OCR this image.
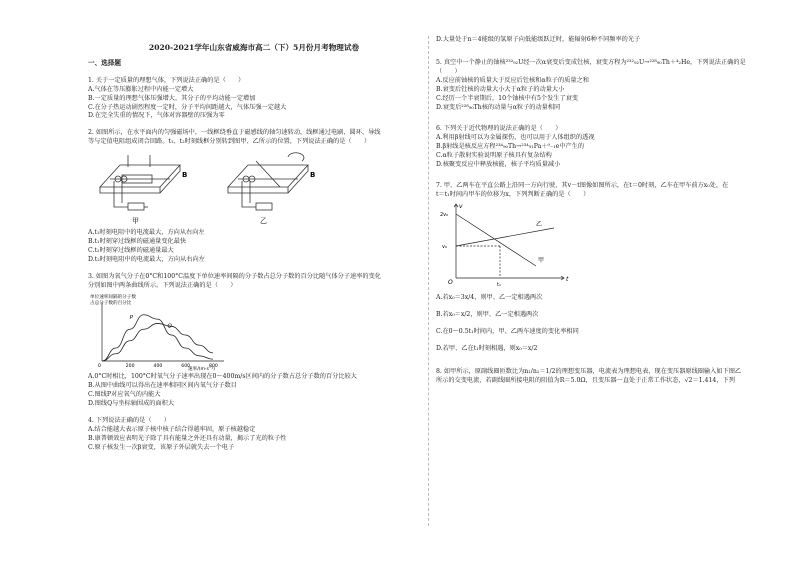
2020-2021学年山东省威海市高二（下）5月份月考物理试卷
一、选择题
1. 关于一定质量的理想气体，下列说法正确的是（　　）
A.气体在等压膨胀过程中内能一定增大
B.一定质量的理想气体压强增大，其分子的平均动能一定增加
C.在分子热运动剧烈程度一定时，分子平均间距越大，气体压强一定越大
D.在完全失重的情况下，气体对容器壁的压强为零
2. 如图所示，在水平面内的匀强磁场中，一线框绕垂直于磁感线的轴匀速转动，线框通过电刷、圆环、导线
等与定值电阻组成闭合回路。t₁、t₂时刻线框分别转到图甲、乙所示的位置，下列说法正确的是（　　）
B
甲
B
乙
A.t₁时刻电阻中的电流最大，方向从右向左
B.t₁时刻穿过线框的磁通量变化最快
C.t₂时刻穿过线框的磁通量最大
D.t₂时刻电阻中的电流最大，方向从右向左
3. 如图为氧气分子在0°C和100°C温度下单位速率间隔的分子数占总分子数的百分比随气体分子速率的变化
分别如图中两条曲线所示。下列说法正确的是（　　）
单位速率间隔的分子数
占总分子数的百分比
0	200	400	600	800
P
Q
速率/(m·s⁻¹)
A.0°C时相比，100°C时氧气分子速率出现在0～400m/s区间内的分子数占总分子数的百分比较大
B.从图中曲线可以得出在速率相同区间内氧气分子数目
C.图线P对应氧气的内能大
D.图线Q与坐标轴围成的面积大
4. 下列说法正确的是（　　）
A.结合能越大表示原子核中核子结合得越牢固，原子核越稳定
B.康普顿效应表明光子除了具有能量之外还具有动量，揭示了光的粒子性
C.原子核发生一次β衰变，该原子外层就失去一个电子
D.大量处于n＝4能级的氢原子向低能级跃迁时，能辐射6种不同频率的光子
5. 真空中一个静止的铀核²³²₉₂U经一次α衰变后变成钍核，衰变方程为²³²₉₂U→²²⁸₉₀Th＋⁴₂He，下列说法正确的是
（　　）
A.反应前铀核的质量大于反应后钍核和α粒子的质量之和
B.衰变后钍核的动量大小大于α粒子的动量大小
C.经历一个半衰期后，10个铀核中有5个发生了衰变
D.衰变后²²⁸₉₀Th核的动量与α粒子的动量相同
6. 下列关于近代物理的说法正确的是（　　）
A.利用β射线可以为金属探伤，也可以用于人体组织的透视
B.β射线是核反应方程²³⁴₉₀Th→²³⁴₉₁Pa＋⁰₋₁e中产生的
C.α粒子散射实验说明原子核具有复杂结构
D.核聚变反应中释放核能，核子平均质量减小
7. 甲、乙两车在平直公路上沿同一方向行驶，其v－t图像如图所示，在t＝0时刻，乙车在甲车前方x₀处，在
t＝t₁时间内甲车的位移为x，下列判断正确的是（　　）
v
t
2v₀
v₀
O	t₁
乙
甲
A.若x₀＝3x/4，则甲、乙一定相遇两次
B.若x₀＝x/2，则甲、乙一定相遇两次
C.在0～0.5t₁时间内，甲、乙两车速度的变化率相同
D.若甲、乙在t₁时刻相遇，则x₀＝x/2
8. 如甲所示，原副线圈匝数比为n₁/n₂＝1/2的理想变压器，电流表为理想电表，现在变压器原线圈输入如下图乙
所示的交变电流，若副线圈所接电阻的阻值为R＝5.0Ω，且变压器一直处于正常工作状态，√2＝1.414，下列
